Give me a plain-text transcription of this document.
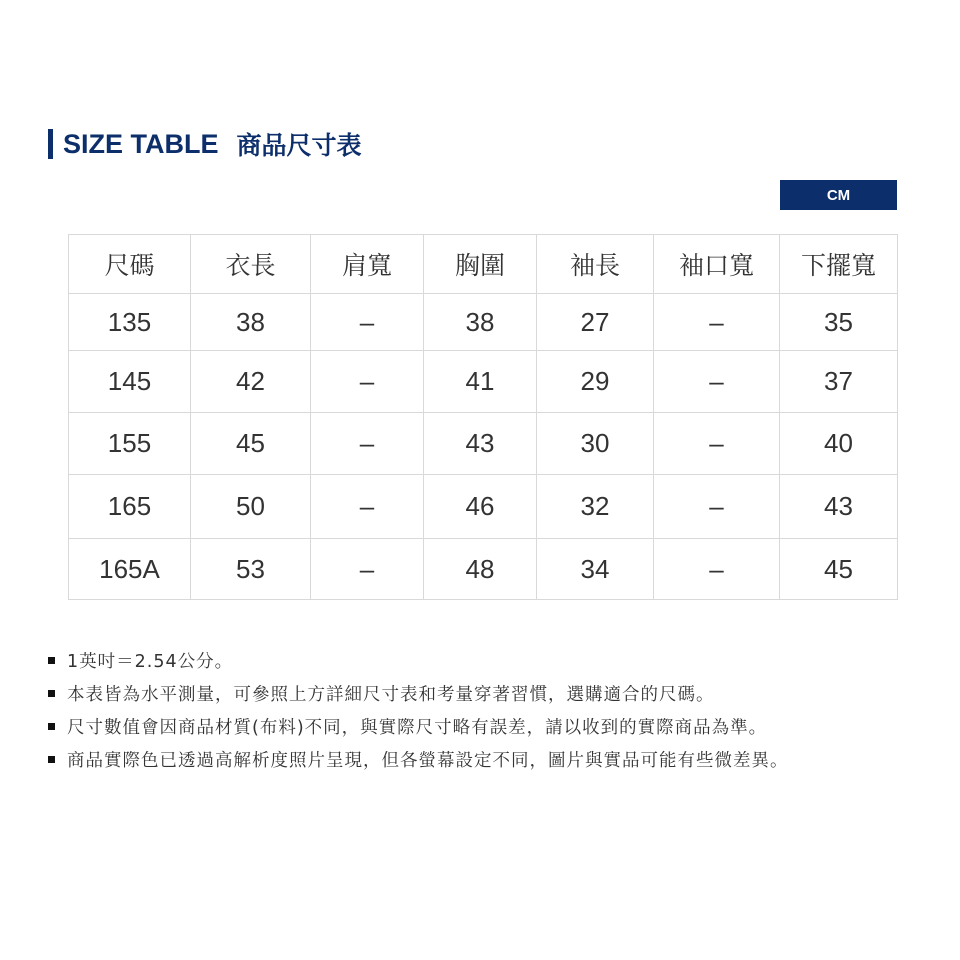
SIZE TABLE 商品尺寸表
CM
尺碼	衣長	肩寬	胸圍	袖長	袖口寬	下擺寬
135	38	–	38	27	–	35
145	42	–	41	29	–	37
155	45	–	43	30	–	40
165	50	–	46	32	–	43
165A	53	–	48	34	–	45
1英吋＝2.54公分。
本表皆為水平測量，可參照上方詳細尺寸表和考量穿著習慣，選購適合的尺碼。
尺寸數值會因商品材質(布料)不同，與實際尺寸略有誤差，請以收到的實際商品為準。
商品實際色已透過高解析度照片呈現，但各螢幕設定不同，圖片與實品可能有些微差異。
